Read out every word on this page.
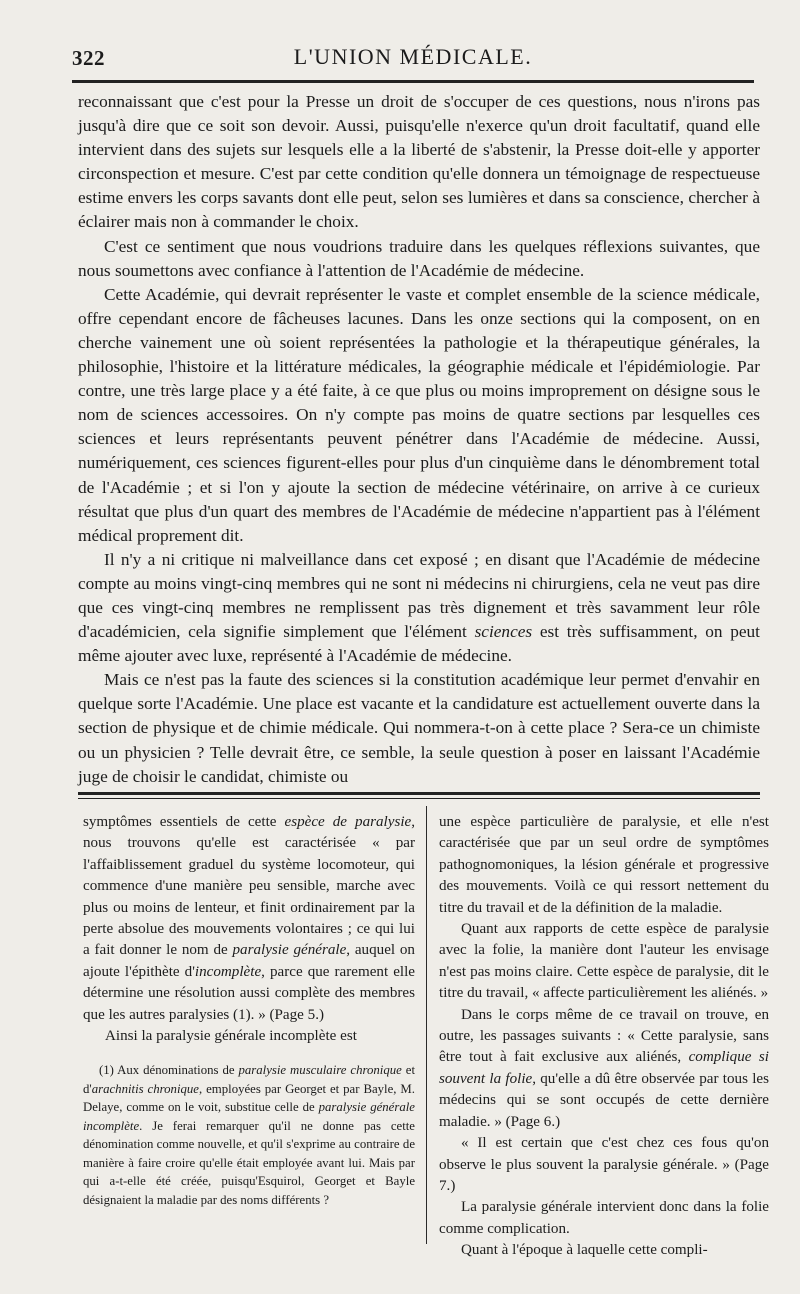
322	L'UNION MÉDICALE.

reconnaissant que c'est pour la Presse un droit de s'occuper de ces questions, nous n'irons pas jusqu'à dire que ce soit son devoir. Aussi, puisqu'elle n'exerce qu'un droit facultatif, quand elle intervient dans des sujets sur lesquels elle a la liberté de s'abstenir, la Presse doit-elle y apporter circonspection et mesure. C'est par cette condition qu'elle donnera un témoignage de respectueuse estime envers les corps savants dont elle peut, selon ses lumières et dans sa conscience, chercher à éclairer mais non à commander le choix.

C'est ce sentiment que nous voudrions traduire dans les quelques réflexions suivantes, que nous soumettons avec confiance à l'attention de l'Académie de médecine.

Cette Académie, qui devrait représenter le vaste et complet ensemble de la science médicale, offre cependant encore de fâcheuses lacunes. Dans les onze sections qui la composent, on en cherche vainement une où soient représentées la pathologie et la thérapeutique générales, la philosophie, l'histoire et la littérature médicales, la géographie médicale et l'épidémiologie. Par contre, une très large place y a été faite, à ce que plus ou moins improprement on désigne sous le nom de sciences accessoires. On n'y compte pas moins de quatre sections par lesquelles ces sciences et leurs représentants peuvent pénétrer dans l'Académie de médecine. Aussi, numériquement, ces sciences figurent-elles pour plus d'un cinquième dans le dénombrement total de l'Académie ; et si l'on y ajoute la section de médecine vétérinaire, on arrive à ce curieux résultat que plus d'un quart des membres de l'Académie de médecine n'appartient pas à l'élément médical proprement dit.

Il n'y a ni critique ni malveillance dans cet exposé ; en disant que l'Académie de médecine compte au moins vingt-cinq membres qui ne sont ni médecins ni chirurgiens, cela ne veut pas dire que ces vingt-cinq membres ne remplissent pas très dignement et très savamment leur rôle d'académicien, cela signifie simplement que l'élément sciences est très suffisamment, on peut même ajouter avec luxe, représenté à l'Académie de médecine.

Mais ce n'est pas la faute des sciences si la constitution académique leur permet d'envahir en quelque sorte l'Académie. Une place est vacante et la candidature est actuellement ouverte dans la section de physique et de chimie médicale. Qui nommera-t-on à cette place ? Sera-ce un chimiste ou un physicien ? Telle devrait être, ce semble, la seule question à poser en laissant l'Académie juge de choisir le candidat, chimiste ou

symptômes essentiels de cette espèce de paralysie, nous trouvons qu'elle est caractérisée « par l'affaiblissement graduel du système locomoteur, qui commence d'une manière peu sensible, marche avec plus ou moins de lenteur, et finit ordinairement par la perte absolue des mouvements volontaires ; ce qui lui a fait donner le nom de paralysie générale, auquel on ajoute l'épithète d'incomplète, parce que rarement elle détermine une résolution aussi complète des membres que les autres paralysies (1). » (Page 5.)

Ainsi la paralysie générale incomplète est

(1) Aux dénominations de paralysie musculaire chronique et d'arachnitis chronique, employées par Georget et par Bayle, M. Delaye, comme on le voit, substitue celle de paralysie générale incomplète. Je ferai remarquer qu'il ne donne pas cette dénomination comme nouvelle, et qu'il s'exprime au contraire de manière à faire croire qu'elle était employée avant lui. Mais par qui a-t-elle été créée, puisqu'Esquirol, Georget et Bayle désignaient la maladie par des noms différents ?

une espèce particulière de paralysie, et elle n'est caractérisée que par un seul ordre de symptômes pathognomoniques, la lésion générale et progressive des mouvements. Voilà ce qui ressort nettement du titre du travail et de la définition de la maladie.

Quant aux rapports de cette espèce de paralysie avec la folie, la manière dont l'auteur les envisage n'est pas moins claire. Cette espèce de paralysie, dit le titre du travail, « affecte particulièrement les aliénés. »

Dans le corps même de ce travail on trouve, en outre, les passages suivants : « Cette paralysie, sans être tout à fait exclusive aux aliénés, complique si souvent la folie, qu'elle a dû être observée par tous les médecins qui se sont occupés de cette dernière maladie. » (Page 6.)

« Il est certain que c'est chez ces fous qu'on observe le plus souvent la paralysie générale. » (Page 7.)

La paralysie générale intervient donc dans la folie comme complication.

Quant à l'époque à laquelle cette compli-
